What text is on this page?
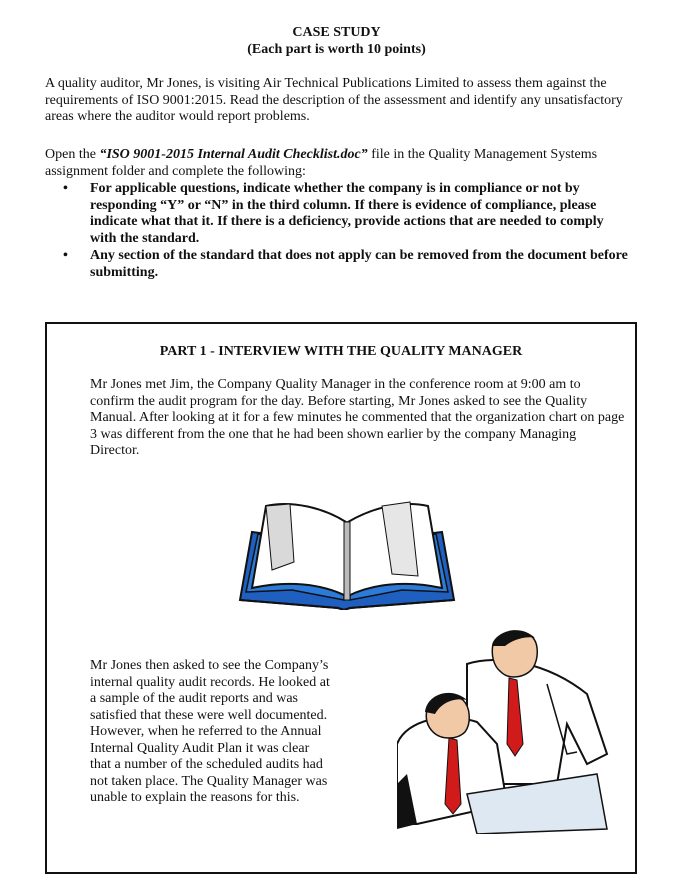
CASE STUDY
(Each part is worth 10 points)
A quality auditor, Mr Jones, is visiting Air Technical Publications Limited to assess them against the requirements of ISO 9001:2015. Read the description of the assessment and identify any unsatisfactory areas where the auditor would report problems.
Open the “ISO 9001-2015 Internal Audit Checklist.doc” file in the Quality Management Systems assignment folder and complete the following:
• For applicable questions, indicate whether the company is in compliance or not by responding “Y” or “N” in the third column. If there is evidence of compliance, please indicate what that it. If there is a deficiency, provide actions that are needed to comply with the standard.
• Any section of the standard that does not apply can be removed from the document before submitting.
PART 1 - INTERVIEW WITH THE QUALITY MANAGER
Mr Jones met Jim, the Company Quality Manager in the conference room at 9:00 am to confirm the audit program for the day. Before starting, Mr Jones asked to see the Quality Manual. After looking at it for a few minutes he commented that the organization chart on page 3 was different from the one that he had been shown earlier by the company Managing Director.
Mr Jones then asked to see the Company’s internal quality audit records. He looked at a sample of the audit reports and was satisfied that these were well documented. However, when he referred to the Annual Internal Quality Audit Plan it was clear that a number of the scheduled audits had not taken place. The Quality Manager was unable to explain the reasons for this.
